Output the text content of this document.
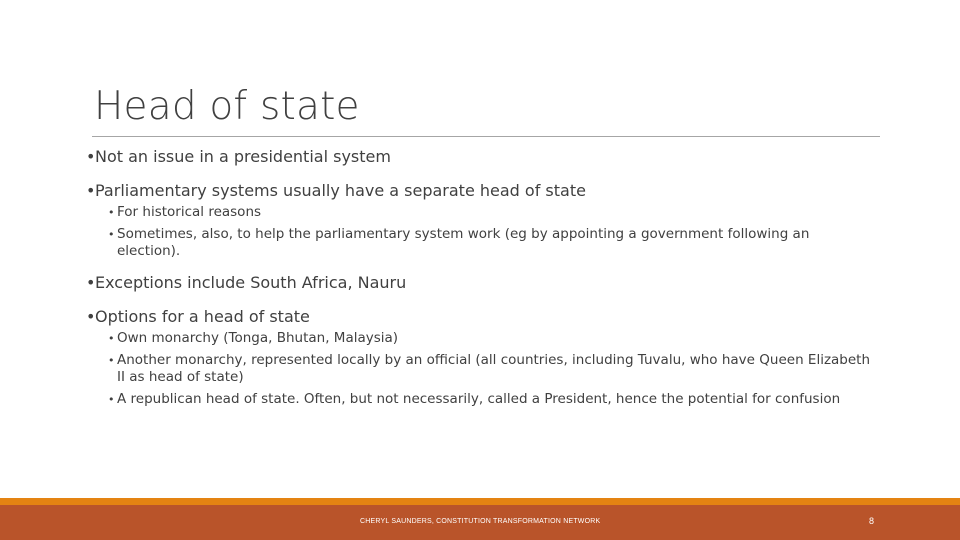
Head of state
• Not an issue in a presidential system
• Parliamentary systems usually have a separate head of state
• For historical reasons
• Sometimes, also, to help the parliamentary system work (eg by appointing a government following an election).
• Exceptions include South Africa, Nauru
• Options for a head of state
• Own monarchy (Tonga, Bhutan, Malaysia)
• Another monarchy, represented locally by an official (all countries, including Tuvalu, who have Queen Elizabeth II as head of state)
• A republican head of state. Often, but not necessarily, called a President, hence the potential for confusion
CHERYL SAUNDERS, CONSTITUTION TRANSFORMATION NETWORK	8
